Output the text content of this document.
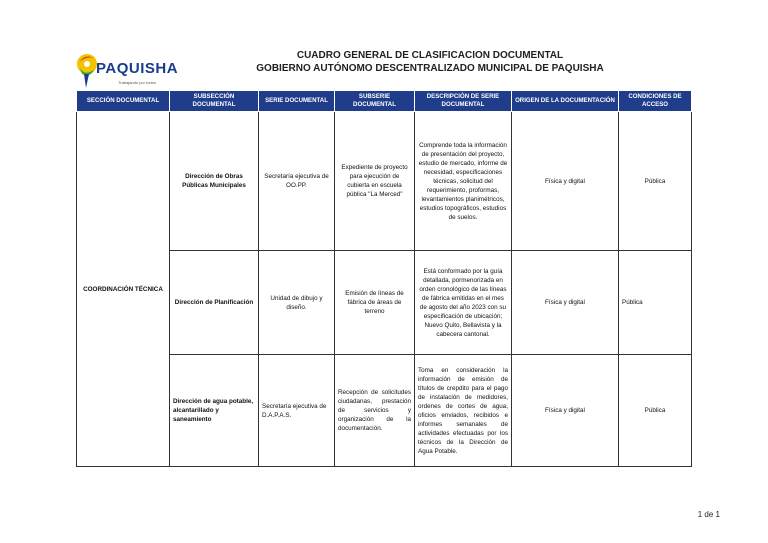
PAQUISHA
Trabajando por todos
CUADRO GENERAL DE CLASIFICACION DOCUMENTAL
GOBIERNO AUTÓNOMO DESCENTRALIZADO MUNICIPAL DE PAQUISHA
SECCIÓN DOCUMENTAL	SUBSECCIÓN DOCUMENTAL	SERIE DOCUMENTAL	SUBSERIE DOCUMENTAL	DESCRIPCIÓN DE SERIE DOCUMENTAL	ORIGEN DE LA DOCUMENTACIÓN	CONDICIONES DE ACCESO
COORDINACIÓN TÉCNICA	Dirección de Obras Públicas Municipales	Secretaría ejecutiva de OO.PP.	Expediente de proyecto para ejecución de cubierta en escuela pública "La Merced"	Comprende toda la información de presentación del proyecto, estudio de mercado, informe de necesidad, especificaciones técnicas, solicitud del requerimiento, proformas, levantamientos planimétricos, estudios topográficos, estudios de suelos.	Física y digital	Pública
	Dirección de Planificación	Unidad de dibujo y diseño.	Emisión de líneas de fábrica de áreas de terreno	Está conformado por la guía detallada, pormenorizada en orden cronológico de las líneas de fábrica emitidas en el mes de agosto del año 2023 con su especificación de ubicación; Nuevo Quito, Bellavista y la cabecera cantonal.	Física y digital	Pública
	Dirección de agua potable, alcantarillado y saneamiento	Secretaría ejecutiva de D.A.P.A.S.	Recepción de solicitudes ciudadanas, prestación de servicios y organización de la documentación.	Toma en consideración la información de emisión de títulos de crepdito para el pago de instalación de medidores, ordenes de cortes de agua, oficios enviados, recibidos e informes semanales de actividades efectuadas por los técnicos de la Dirección de Agua Potable.	Física y digital	Pública
1 de 1
